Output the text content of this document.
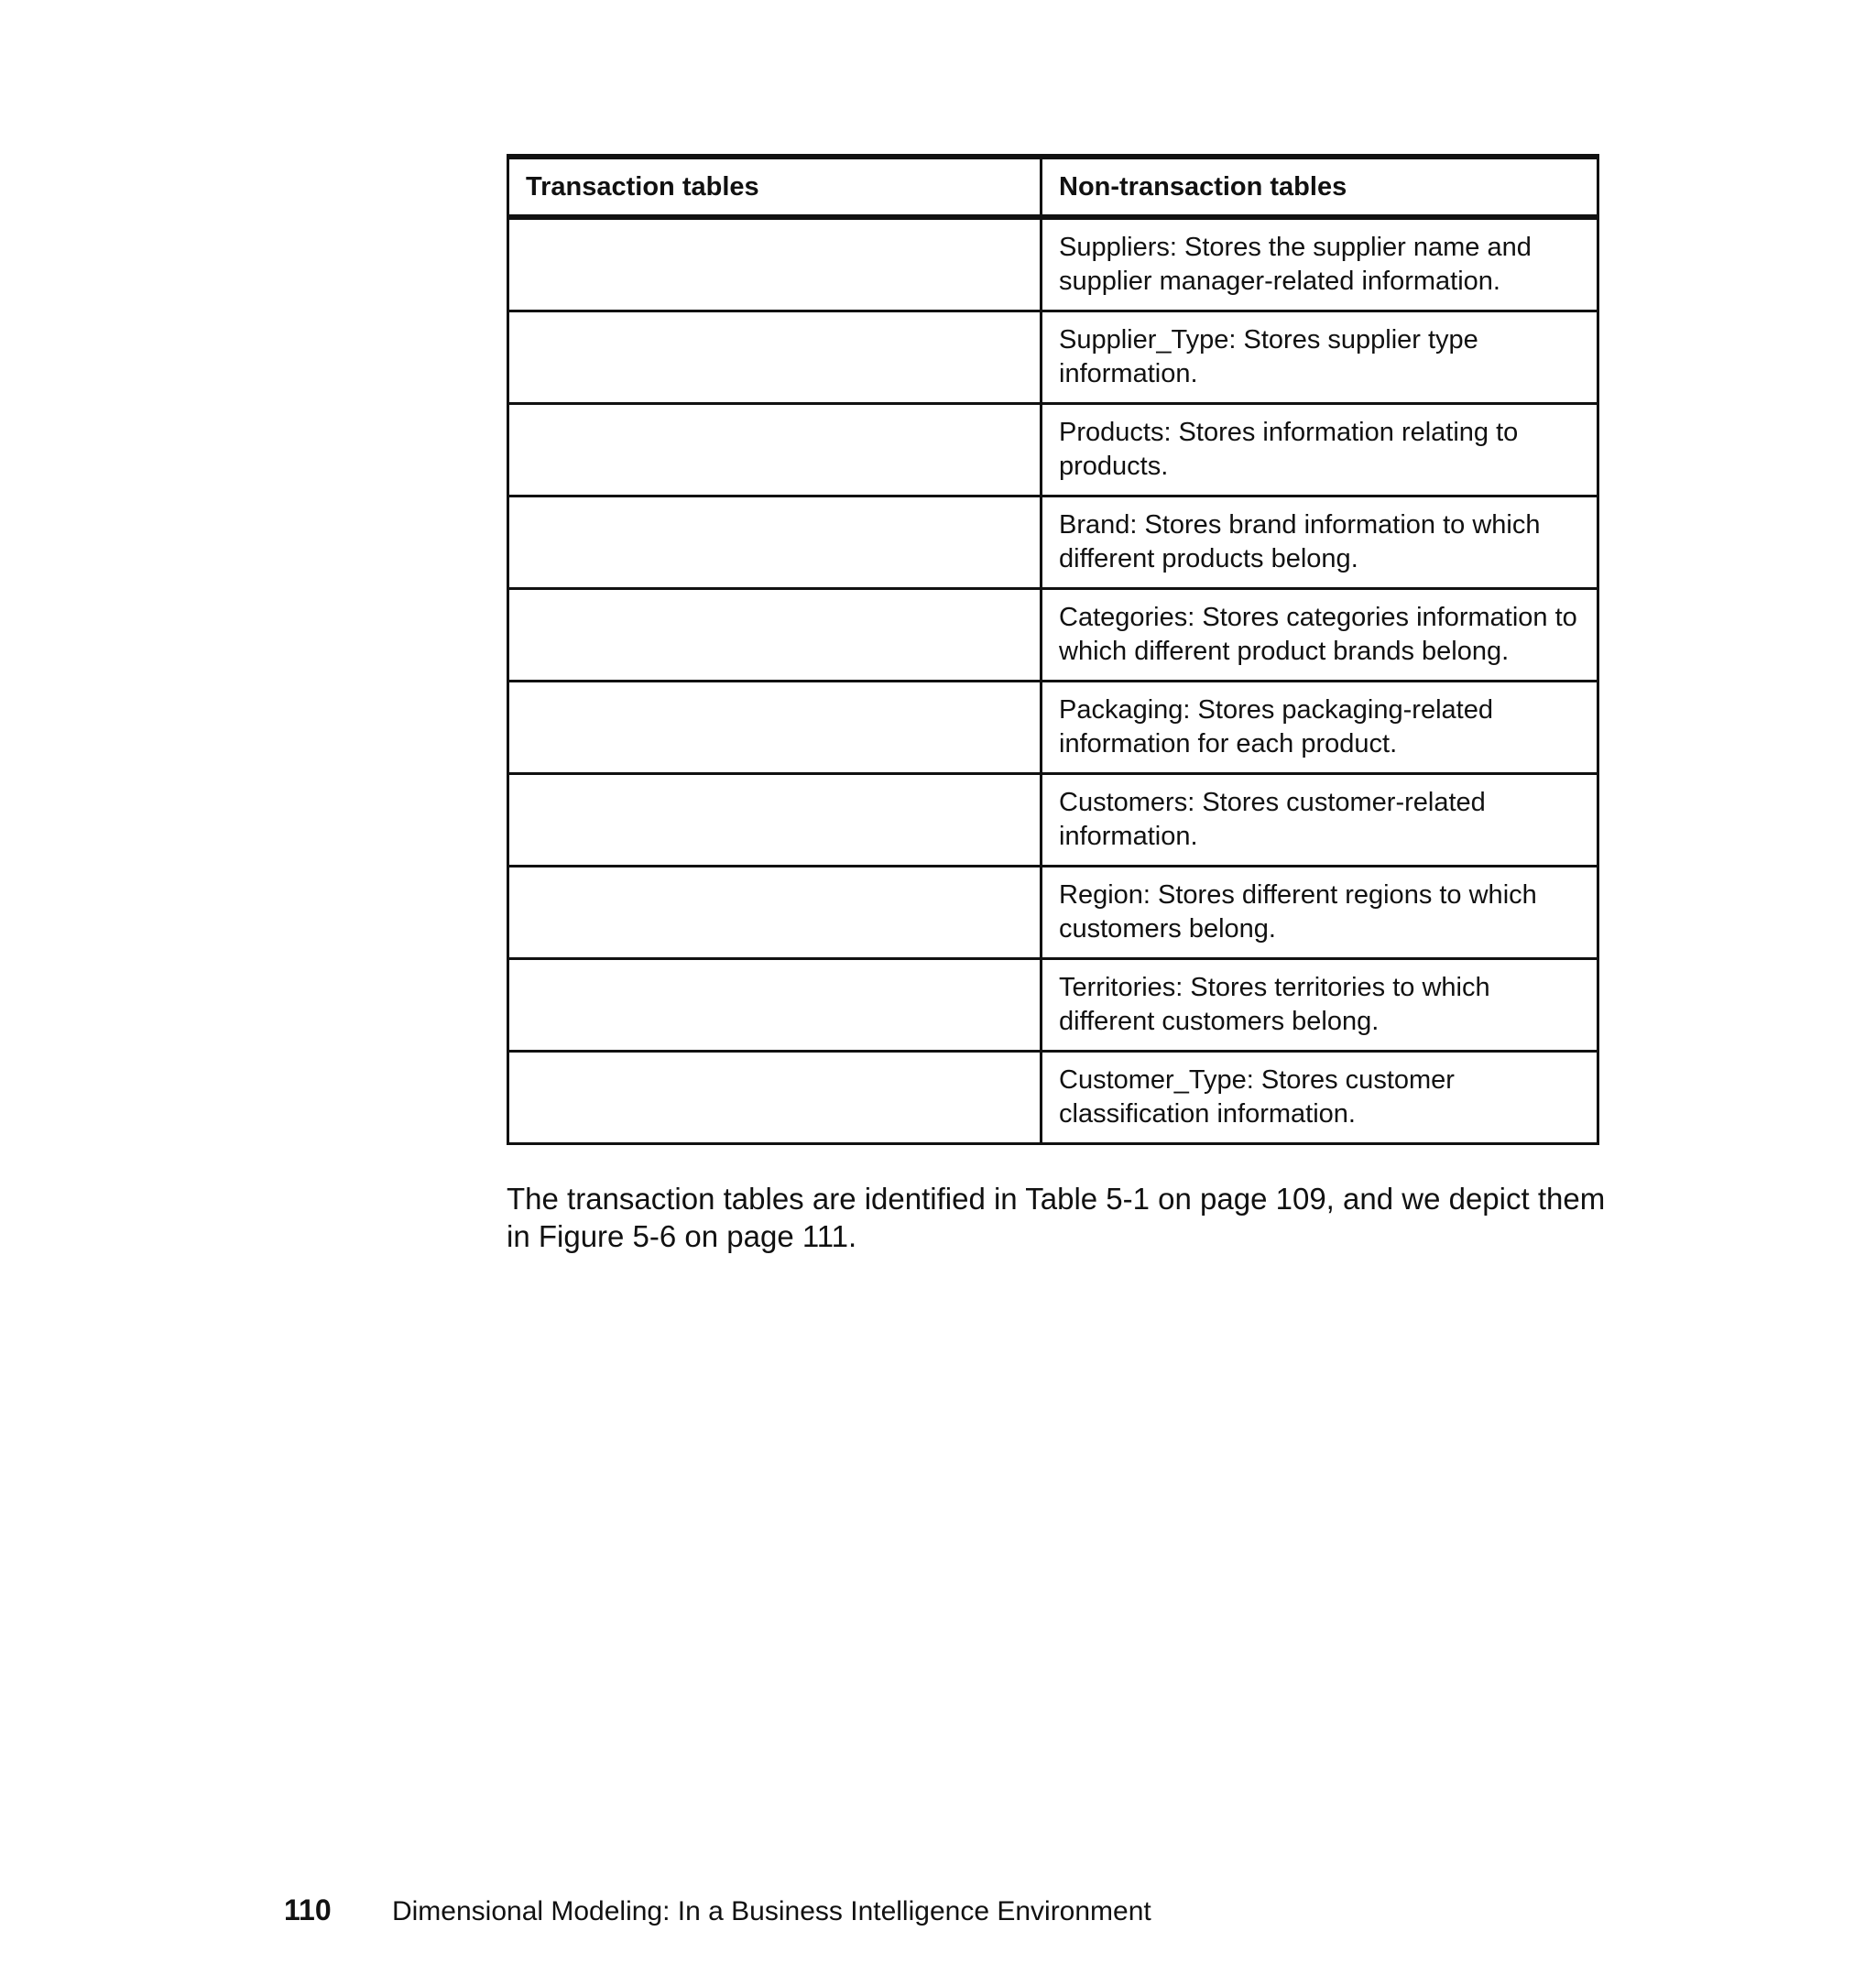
Transaction tables	Non-transaction tables
	Suppliers: Stores the supplier name and supplier manager-related information.
	Supplier_Type: Stores supplier type information.
	Products: Stores information relating to products.
	Brand: Stores brand information to which different products belong.
	Categories: Stores categories information to which different product brands belong.
	Packaging: Stores packaging-related information for each product.
	Customers: Stores customer-related information.
	Region: Stores different regions to which customers belong.
	Territories: Stores territories to which different customers belong.
	Customer_Type: Stores customer classification information.

The transaction tables are identified in Table 5-1 on page 109, and we depict them in Figure 5-6 on page 111.

110 Dimensional Modeling: In a Business Intelligence Environment
